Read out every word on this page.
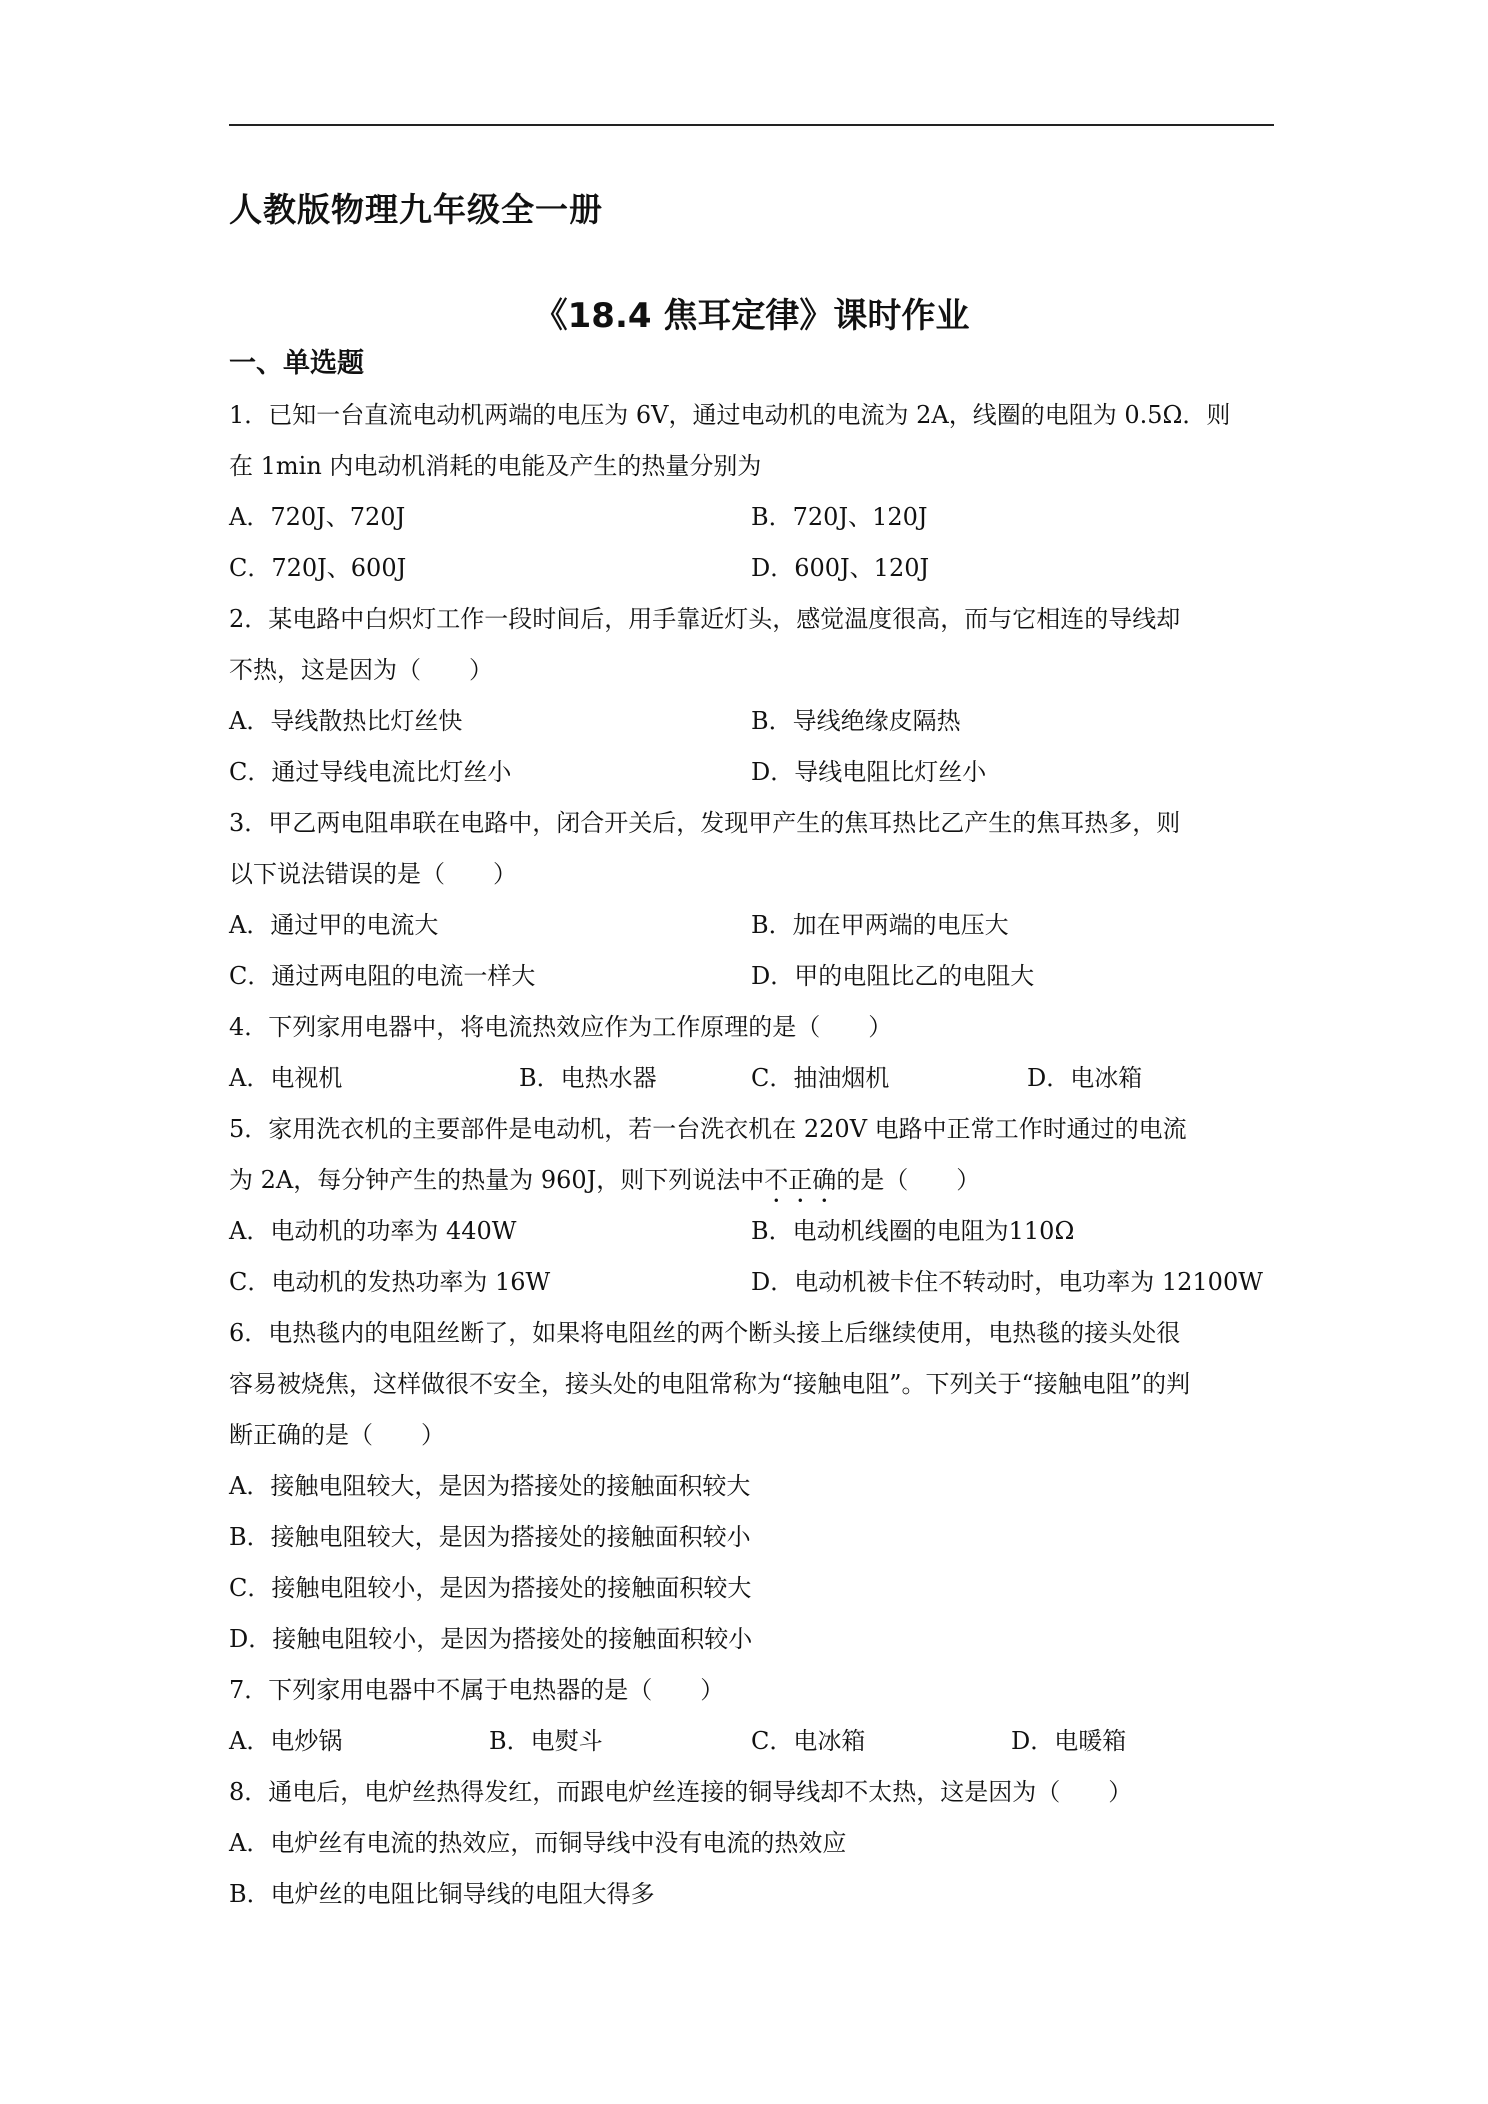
人教版物理九年级全一册
《18.4 焦耳定律》课时作业
一、单选题
1．已知一台直流电动机两端的电压为 6V，通过电动机的电流为 2A，线圈的电阻为 0.5Ω．则
在 1min 内电动机消耗的电能及产生的热量分别为
A．720J、720J	B．720J、120J
C．720J、600J	D．600J、120J
2．某电路中白炽灯工作一段时间后，用手靠近灯头，感觉温度很高，而与它相连的导线却
不热，这是因为（　　）
A．导线散热比灯丝快	B．导线绝缘皮隔热
C．通过导线电流比灯丝小	D．导线电阻比灯丝小
3．甲乙两电阻串联在电路中，闭合开关后，发现甲产生的焦耳热比乙产生的焦耳热多，则
以下说法错误的是（　　）
A．通过甲的电流大	B．加在甲两端的电压大
C．通过两电阻的电流一样大	D．甲的电阻比乙的电阻大
4．下列家用电器中，将电流热效应作为工作原理的是（　　）
A．电视机	B．电热水器	C．抽油烟机	D．电冰箱
5．家用洗衣机的主要部件是电动机，若一台洗衣机在 220V 电路中正常工作时通过的电流
为 2A，每分钟产生的热量为 960J，则下列说法中不正确的是（　　）
A．电动机的功率为 440W	B．电动机线圈的电阻为110Ω
C．电动机的发热功率为 16W	D．电动机被卡住不转动时，电功率为 12100W
6．电热毯内的电阻丝断了，如果将电阻丝的两个断头接上后继续使用，电热毯的接头处很
容易被烧焦，这样做很不安全，接头处的电阻常称为“接触电阻”。下列关于“接触电阻”的判
断正确的是（　　）
A．接触电阻较大，是因为搭接处的接触面积较大
B．接触电阻较大，是因为搭接处的接触面积较小
C．接触电阻较小，是因为搭接处的接触面积较大
D．接触电阻较小，是因为搭接处的接触面积较小
7．下列家用电器中不属于电热器的是（　　）
A．电炒锅	B．电熨斗	C．电冰箱	D．电暖箱
8．通电后，电炉丝热得发红，而跟电炉丝连接的铜导线却不太热，这是因为（　　）
A．电炉丝有电流的热效应，而铜导线中没有电流的热效应
B．电炉丝的电阻比铜导线的电阻大得多
